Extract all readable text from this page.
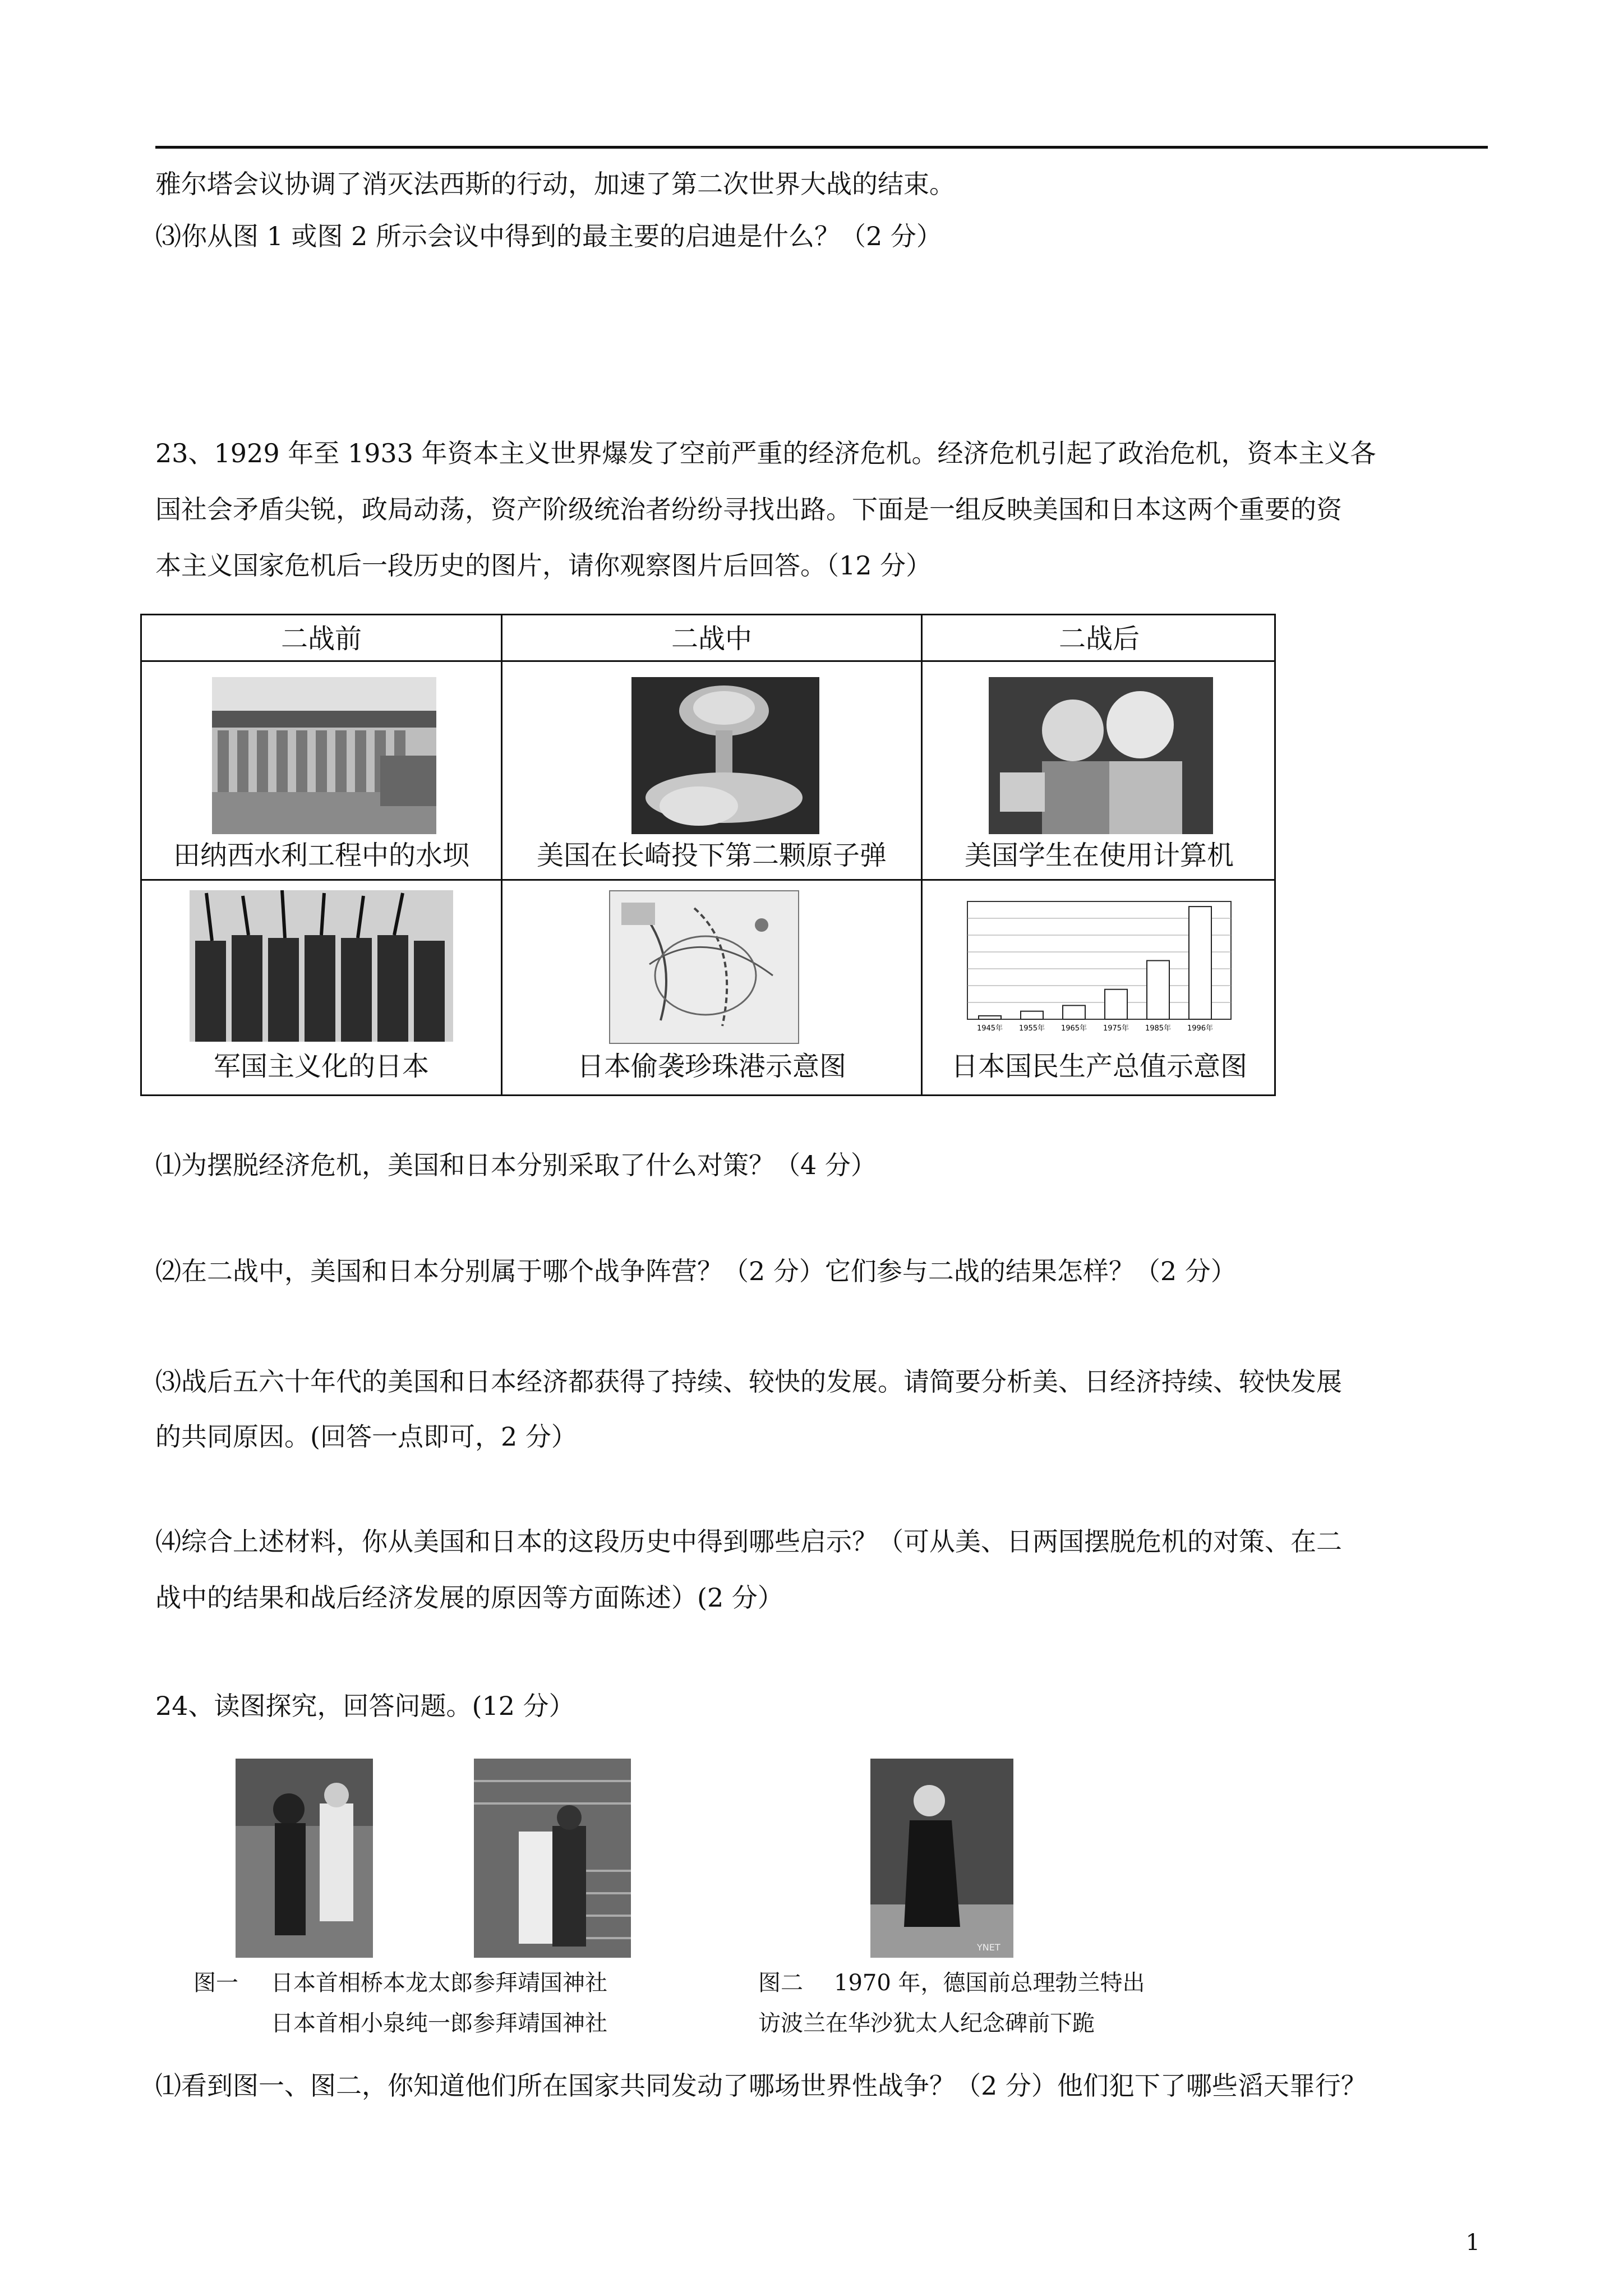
雅尔塔会议协调了消灭法西斯的行动，加速了第二次世界大战的结束。
⑶你从图 1 或图 2 所示会议中得到的最主要的启迪是什么？（2 分）
23、1929 年至 1933 年资本主义世界爆发了空前严重的经济危机。经济危机引起了政治危机，资本主义各
国社会矛盾尖锐，政局动荡，资产阶级统治者纷纷寻找出路。下面是一组反映美国和日本这两个重要的资
本主义国家危机后一段历史的图片，请你观察图片后回答。（12 分）
二战前	二战中	二战后
田纳西水利工程中的水坝	美国在长崎投下第二颗原子弹	美国学生在使用计算机
1945年 1955年 1965年 1975年 1985年 1996年
军国主义化的日本	日本偷袭珍珠港示意图	日本国民生产总值示意图
⑴为摆脱经济危机，美国和日本分别采取了什么对策？（4 分）
⑵在二战中，美国和日本分别属于哪个战争阵营？（2 分）它们参与二战的结果怎样？（2 分）
⑶战后五六十年代的美国和日本经济都获得了持续、较快的发展。请简要分析美、日经济持续、较快发展
的共同原因。(回答一点即可，2 分）
⑷综合上述材料，你从美国和日本的这段历史中得到哪些启示？（可从美、日两国摆脱危机的对策、在二
战中的结果和战后经济发展的原因等方面陈述）(2 分）
24、读图探究，回答问题。(12 分）
YNET
图一 日本首相桥本龙太郎参拜靖国神社
日本首相小泉纯一郎参拜靖国神社
图二 1970 年，德国前总理勃兰特出
访波兰在华沙犹太人纪念碑前下跪
⑴看到图一、图二，你知道他们所在国家共同发动了哪场世界性战争？（2 分）他们犯下了哪些滔天罪行？
1
